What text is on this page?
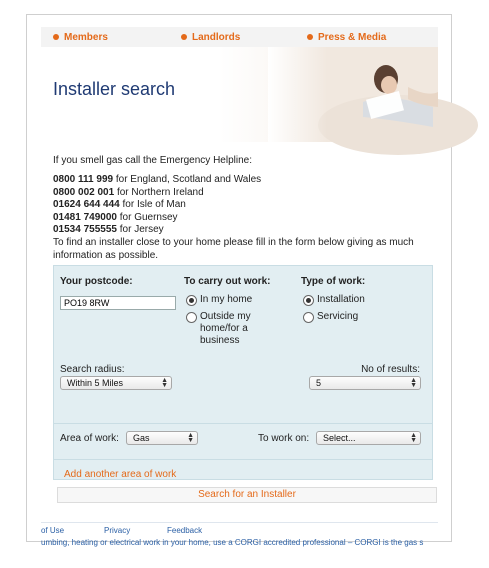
Members	Landlords	Press & Media
Installer search
If you smell gas call the Emergency Helpline:
0800 111 999 for England, Scotland and Wales
0800 002 001 for Northern Ireland
01624 644 444 for Isle of Man
01481 749000 for Guernsey
01534 755555 for Jersey
To find an installer close to your home please fill in the form below giving as much information as possible.
Your postcode:
PO19 8RW
To carry out work:
In my home
Outside my home/for a business
Type of work:
Installation
Servicing
Search radius:
Within 5 Miles	▲
▼
No of results:
5	▲
▼
Area of work:	Gas	▲
▼	To work on:	Select...	▲
▼
Add another area of work
Search for an Installer
of Use	Privacy	Feedback
umbing, heating or electrical work in your home, use a CORGI accredited professional – CORGI is the gas s
